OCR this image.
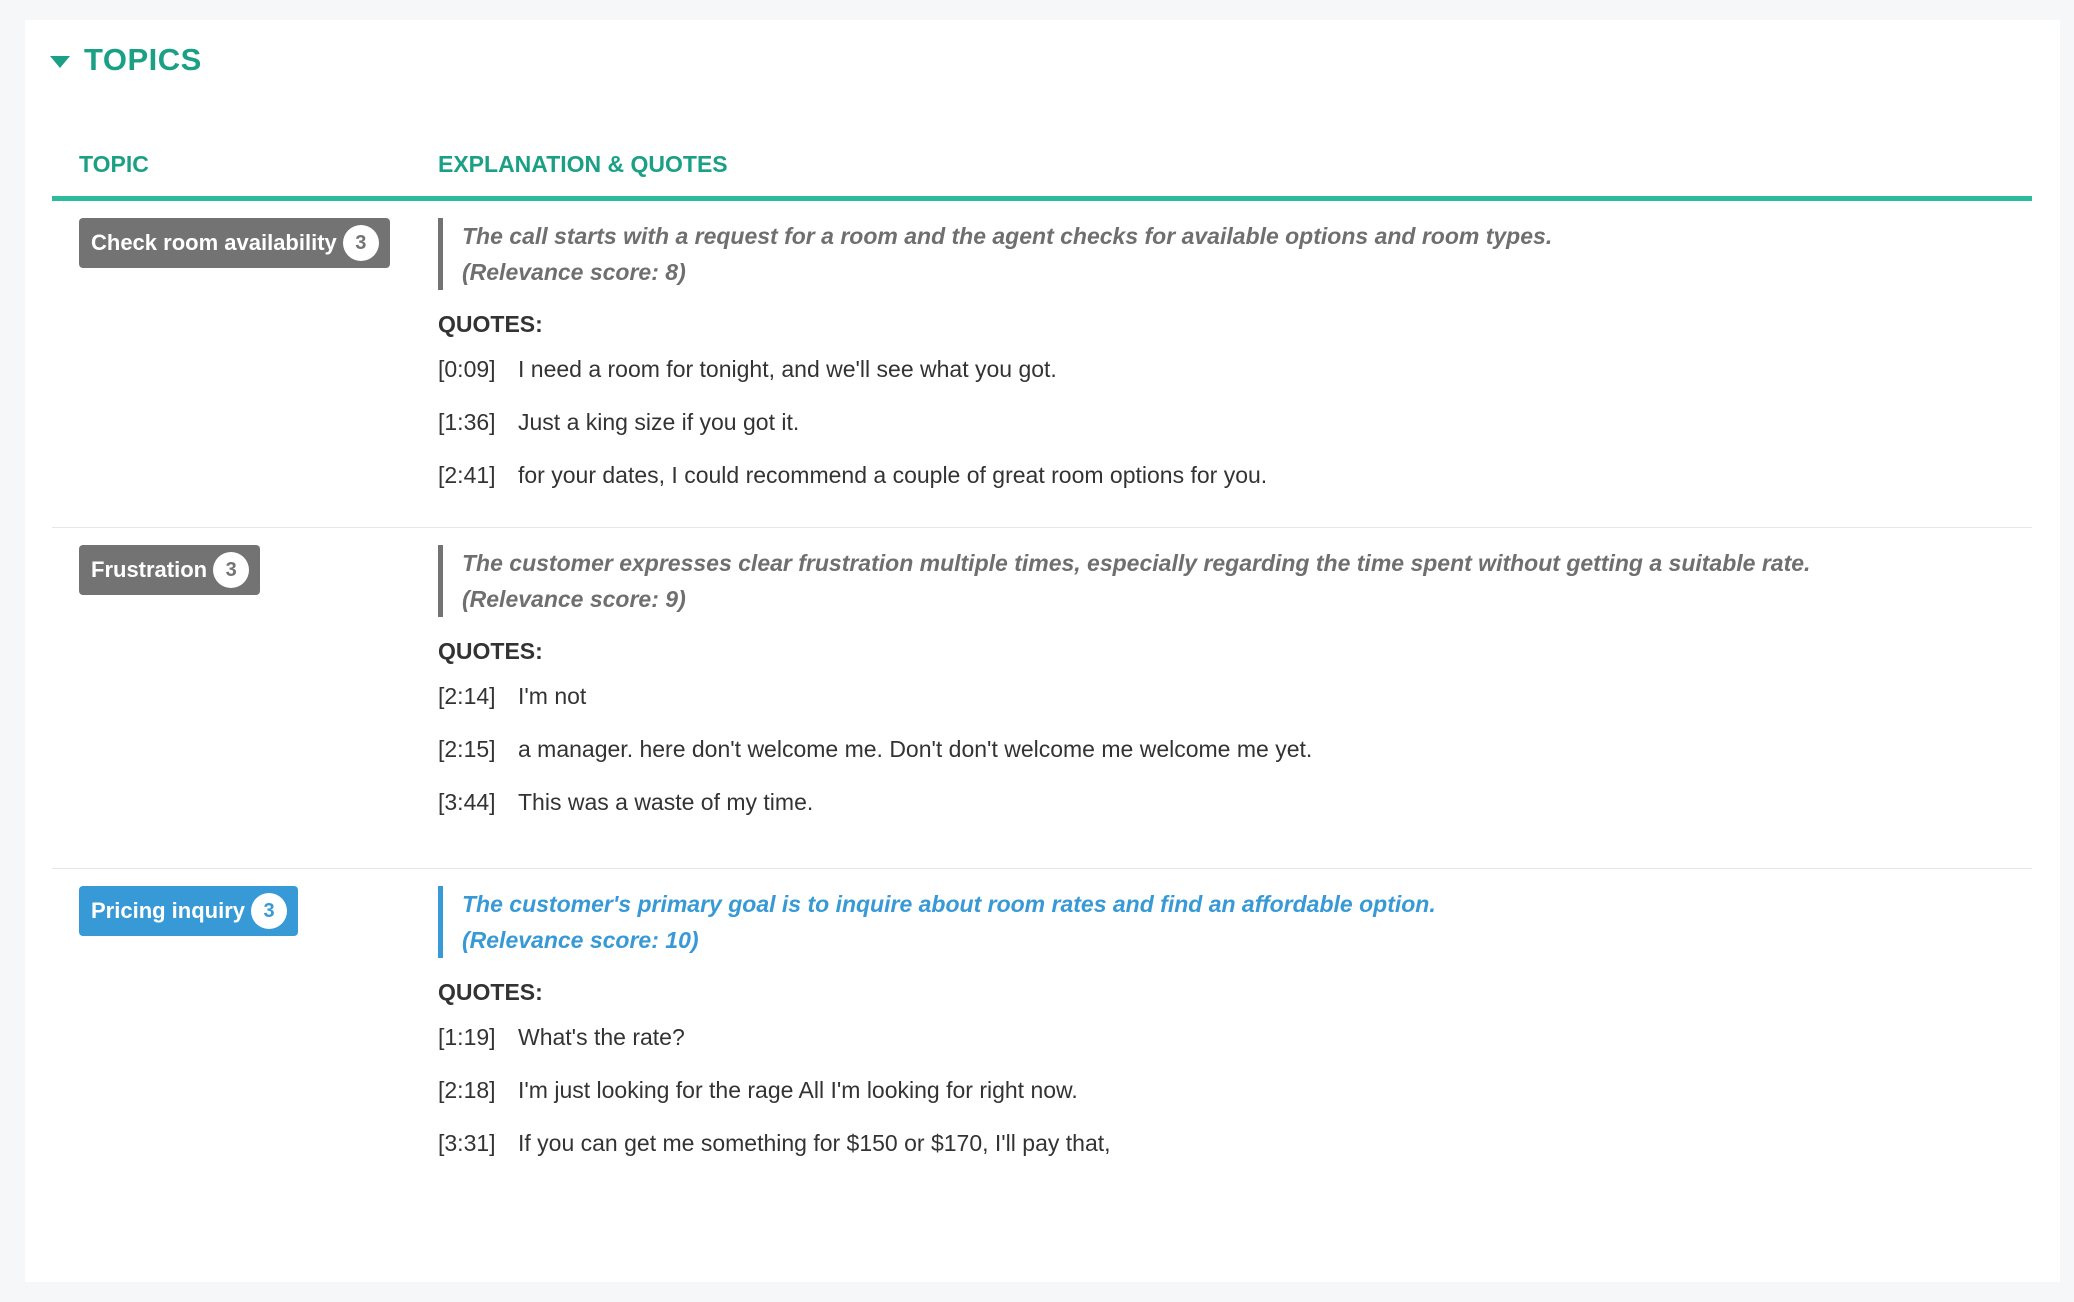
TOPICS
TOPIC	EXPLANATION & QUOTES
Check room availability 3	The call starts with a request for a room and the agent checks for available options and room types.
(Relevance score: 8)
QUOTES:
[0:09] I need a room for tonight, and we'll see what you got.
[1:36] Just a king size if you got it.
[2:41] for your dates, I could recommend a couple of great room options for you.
Frustration 3	The customer expresses clear frustration multiple times, especially regarding the time spent without getting a suitable rate.
(Relevance score: 9)
QUOTES:
[2:14] I'm not
[2:15] a manager. here don't welcome me. Don't don't welcome me welcome me yet.
[3:44] This was a waste of my time.
Pricing inquiry 3	The customer's primary goal is to inquire about room rates and find an affordable option.
(Relevance score: 10)
QUOTES:
[1:19] What's the rate?
[2:18] I'm just looking for the rage All I'm looking for right now.
[3:31] If you can get me something for $150 or $170, I'll pay that,
